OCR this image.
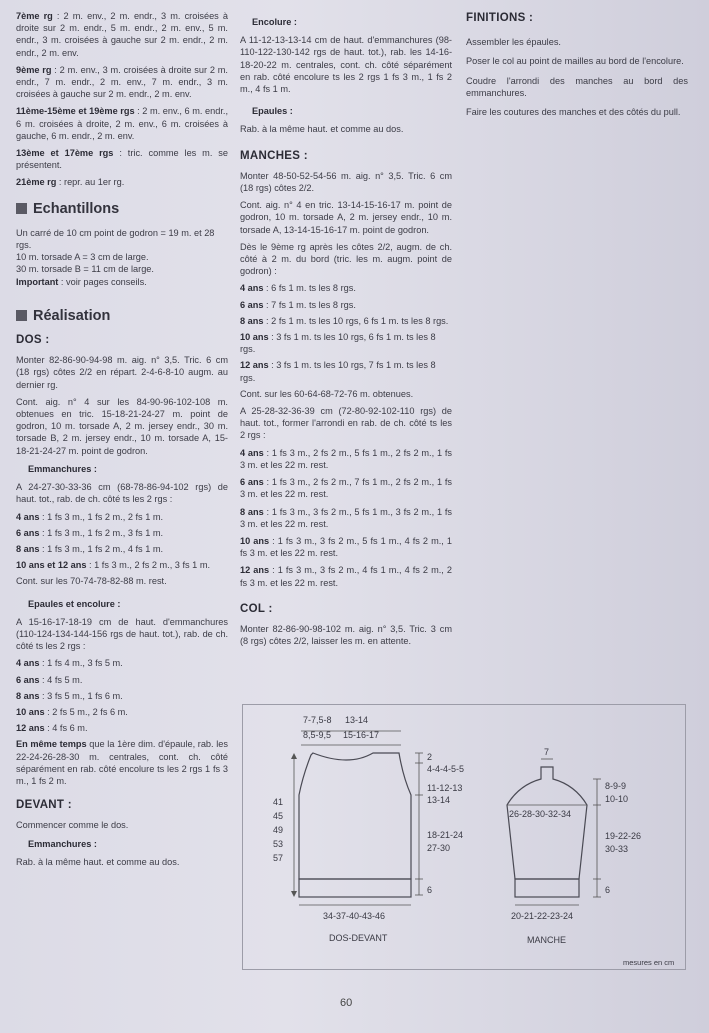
7ème rg : 2 m. env., 2 m. endr., 3 m. croisées à droite sur 2 m. endr., 5 m. endr., 2 m. env., 5 m. endr., 3 m. croisées à gauche sur 2 m. endr., 2 m. endr., 2 m. env.

9ème rg : 2 m. env., 3 m. croisées à droite sur 2 m. endr., 7 m. endr., 2 m. env., 7 m. endr., 3 m. croisées à gauche sur 2 m. endr., 2 m. env.

11ème-15ème et 19ème rgs : 2 m. env., 6 m. endr., 6 m. croisées à droite, 2 m. env., 6 m. croisées à gauche, 6 m. endr., 2 m. env.

13ème et 17ème rgs : tric. comme les m. se présentent.

21ème rg : repr. au 1er rg.

Echantillons
Un carré de 10 cm point de godron = 19 m. et 28 rgs.
10 m. torsade A = 3 cm de large.
30 m. torsade B = 11 cm de large.
Important : voir pages conseils.
Réalisation
DOS :

Monter 82-86-90-94-98 m. aig. n° 3,5. Tric. 6 cm (18 rgs) côtes 2/2 en répart. 2-4-6-8-10 augm. au dernier rg.

Cont. aig. n° 4 sur les 84-90-96-102-108 m. obtenues en tric. 15-18-21-24-27 m. point de godron, 10 m. torsade A, 2 m. jersey endr., 30 m. torsade B, 2 m. jersey endr., 10 m. torsade A, 15-18-21-24-27 m. point de godron.

Emmanchures :

A 24-27-30-33-36 cm (68-78-86-94-102 rgs) de haut. tot., rab. de ch. côté ts les 2 rgs :

4 ans : 1 fs 3 m., 1 fs 2 m., 2 fs 1 m.
6 ans : 1 fs 3 m., 1 fs 2 m., 3 fs 1 m.
8 ans : 1 fs 3 m., 1 fs 2 m., 4 fs 1 m.
10 ans et 12 ans : 1 fs 3 m., 2 fs 2 m., 3 fs 1 m.
Cont. sur les 70-74-78-82-88 m. rest.
Epaules et encolure :

A 15-16-17-18-19 cm de haut. d'emmanchures (110-124-134-144-156 rgs de haut. tot.), rab. de ch. côté ts les 2 rgs :

4 ans : 1 fs 4 m., 3 fs 5 m.
6 ans : 4 fs 5 m.
8 ans : 3 fs 5 m., 1 fs 6 m.
10 ans : 2 fs 5 m., 2 fs 6 m.
12 ans : 4 fs 6 m.

En même temps que la 1ère dim. d'épaule, rab. les 22-24-26-28-30 m. centrales, cont. ch. côté séparément en rab. côté encolure ts les 2 rgs 1 fs 3 m., 1 fs 2 m.

DEVANT :

Commencer comme le dos.

Emmanchures :

Rab. à la même haut. et comme au dos.

Encolure :

A 11-12-13-13-14 cm de haut. d'emmanchures (98-110-122-130-142 rgs de haut. tot.), rab. les 14-16-18-20-22 m. centrales, cont. ch. côté séparément en rab. côté encolure ts les 2 rgs 1 fs 3 m., 1 fs 2 m., 4 fs 1 m.

Epaules :

Rab. à la même haut. et comme au dos.

MANCHES :

Monter 48-50-52-54-56 m. aig. n° 3,5. Tric. 6 cm (18 rgs) côtes 2/2.

Cont. aig. n° 4 en tric. 13-14-15-16-17 m. point de godron, 10 m. torsade A, 2 m. jersey endr., 10 m. torsade A, 13-14-15-16-17 m. point de godron.

Dès le 9ème rg après les côtes 2/2, augm. de ch. côté à 2 m. du bord (tric. les m. augm. point de godron) :

4 ans : 6 fs 1 m. ts les 8 rgs.
6 ans : 7 fs 1 m. ts les 8 rgs.
8 ans : 2 fs 1 m. ts les 10 rgs, 6 fs 1 m. ts les 8 rgs.
10 ans : 3 fs 1 m. ts les 10 rgs, 6 fs 1 m. ts les 8 rgs.
12 ans : 3 fs 1 m. ts les 10 rgs, 7 fs 1 m. ts les 8 rgs.
Cont. sur les 60-64-68-72-76 m. obtenues.

A 25-28-32-36-39 cm (72-80-92-102-110 rgs) de haut. tot., former l'arrondi en rab. de ch. côté ts les 2 rgs :

4 ans : 1 fs 3 m., 2 fs 2 m., 5 fs 1 m., 2 fs 2 m., 1 fs 3 m. et les 22 m. rest.

6 ans : 1 fs 3 m., 2 fs 2 m., 7 fs 1 m., 2 fs 2 m., 1 fs 3 m. et les 22 m. rest.

8 ans : 1 fs 3 m., 3 fs 2 m., 5 fs 1 m., 3 fs 2 m., 1 fs 3 m. et les 22 m. rest.

10 ans : 1 fs 3 m., 3 fs 2 m., 5 fs 1 m., 4 fs 2 m., 1 fs 3 m. et les 22 m. rest.

12 ans : 1 fs 3 m., 3 fs 2 m., 4 fs 1 m., 4 fs 2 m., 2 fs 3 m. et les 22 m. rest.

COL :

Monter 82-86-90-98-102 m. aig. n° 3,5. Tric. 3 cm (8 rgs) côtes 2/2, laisser les m. en attente.

FINITIONS :

Assembler les épaules.

Poser le col au point de mailles au bord de l'encolure.

Coudre l'arrondi des manches au bord des emmanchures.

Faire les coutures des manches et des côtés du pull.

7-7,5-8 13-14
8,5-9,5 15-16-17
2
4-4-4-5-5
11-12-13
13-14
18-21-24
27-30
6
41
45
49
53
57
34-37-40-43-46
DOS-DEVANT
7
8-9-9
10-10
26-28-30-32-34
19-22-26
30-33
6
20-21-22-23-24
MANCHE
mesures en cm
60
